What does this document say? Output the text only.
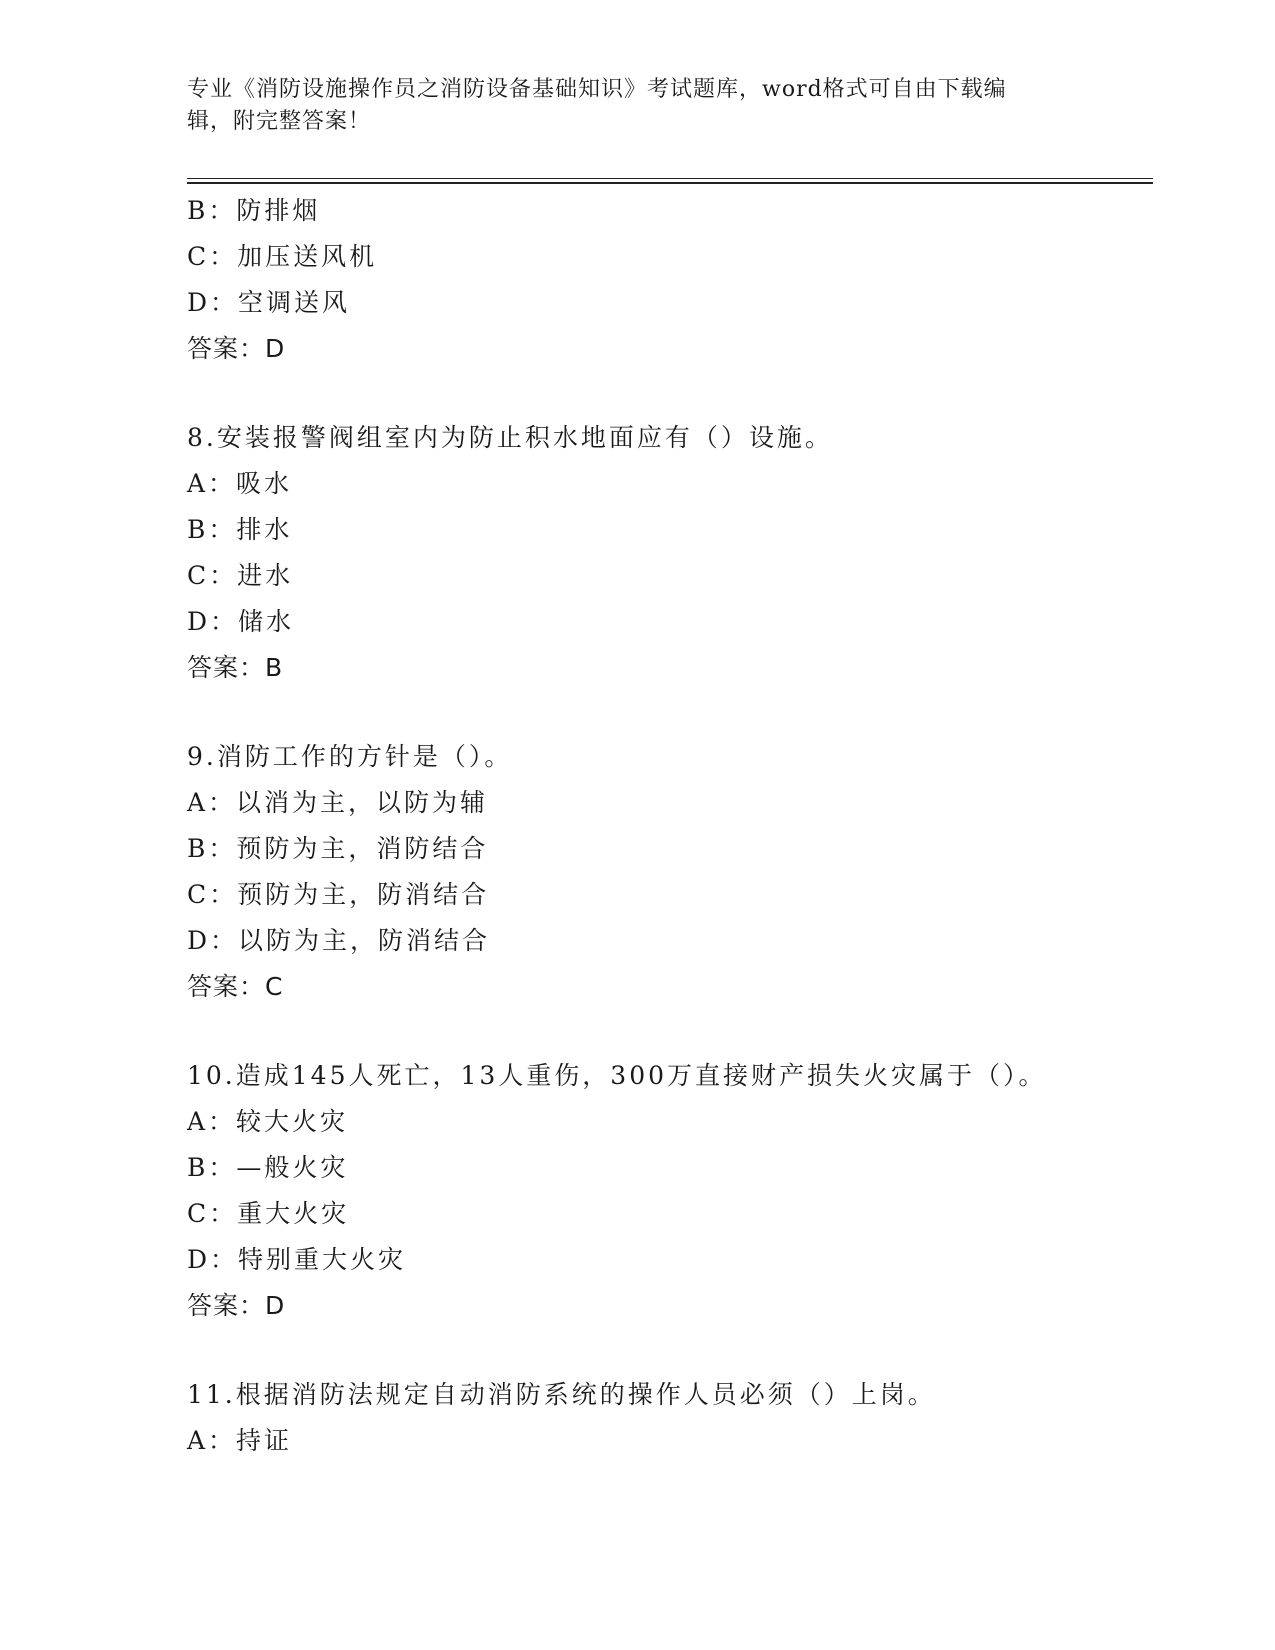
专业《消防设施操作员之消防设备基础知识》考试题库，word格式可自由下载编
辑，附完整答案！
B：防排烟
C：加压送风机
D：空调送风
答案：D
8.安装报警阀组室内为防止积水地面应有（）设施。
A：吸水
B：排水
C：进水
D：储水
答案：B
9.消防工作的方针是（）。
A：以消为主，以防为辅
B：预防为主，消防结合
C：预防为主，防消结合
D：以防为主，防消结合
答案：C
10.造成145人死亡，13人重伤，300万直接财产损失火灾属于（）。
A：较大火灾
B：—般火灾
C：重大火灾
D：特别重大火灾
答案：D
11.根据消防法规定自动消防系统的操作人员必须（）上岗。
A：持证
